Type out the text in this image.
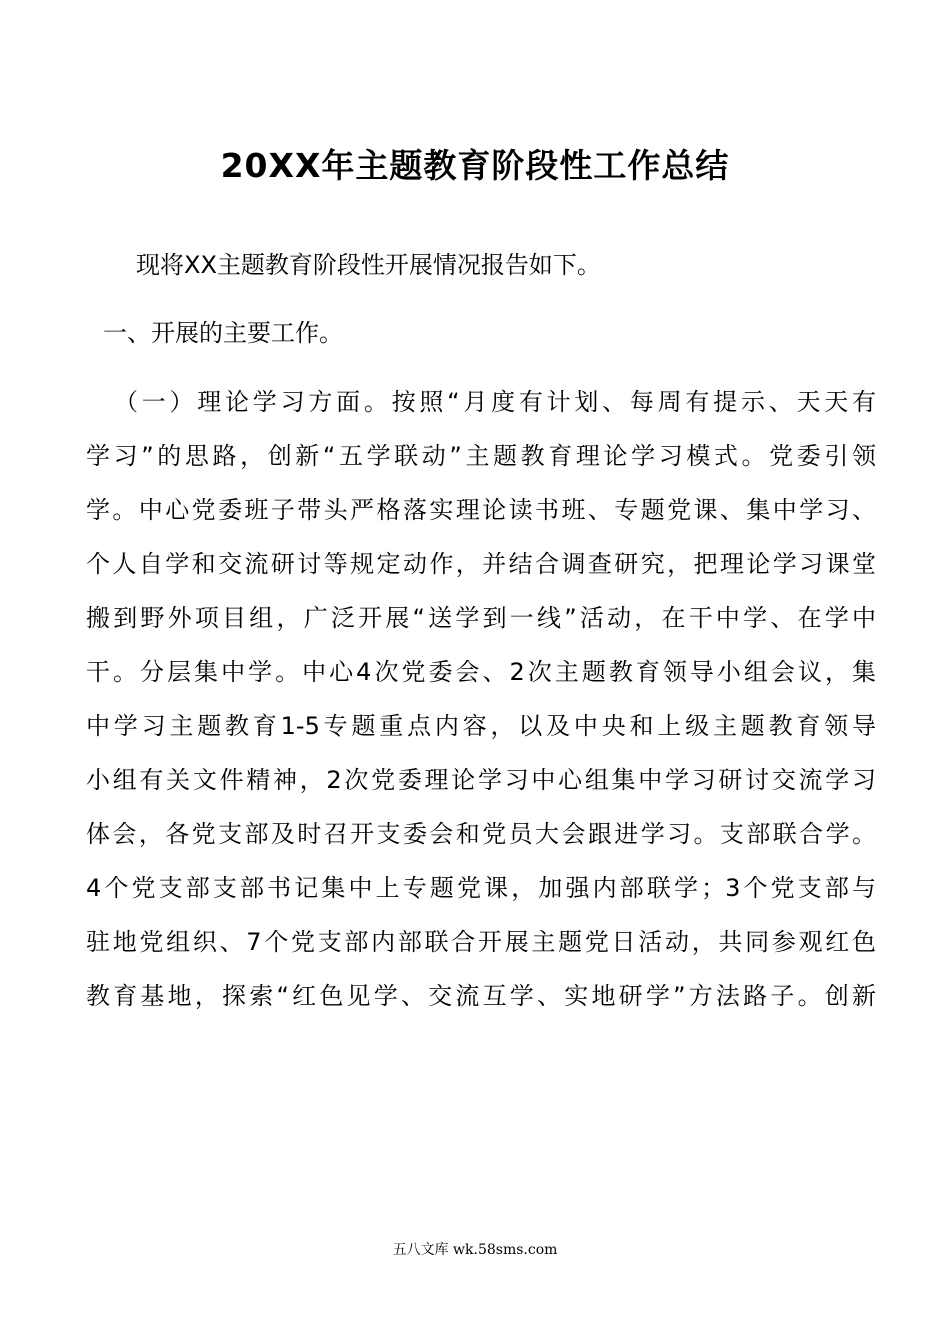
20XX年主题教育阶段性工作总结
现将XX主题教育阶段性开展情况报告如下。
一、开展的主要工作。
（一）理论学习方面。按照“月度有计划、每周有提示、天天有
学习”的思路，创新“五学联动”主题教育理论学习模式。党委引领
学。中心党委班子带头严格落实理论读书班、专题党课、集中学习、
个人自学和交流研讨等规定动作，并结合调查研究，把理论学习课堂
搬到野外项目组，广泛开展“送学到一线”活动，在干中学、在学中
干。分层集中学。中心4次党委会、2次主题教育领导小组会议，集
中学习主题教育1-5专题重点内容，以及中央和上级主题教育领导
小组有关文件精神，2次党委理论学习中心组集中学习研讨交流学习
体会，各党支部及时召开支委会和党员大会跟进学习。支部联合学。
4个党支部支部书记集中上专题党课，加强内部联学；3个党支部与
驻地党组织、7个党支部内部联合开展主题党日活动，共同参观红色
教育基地，探索“红色见学、交流互学、实地研学”方法路子。创新
五八文库 wk.58sms.com
